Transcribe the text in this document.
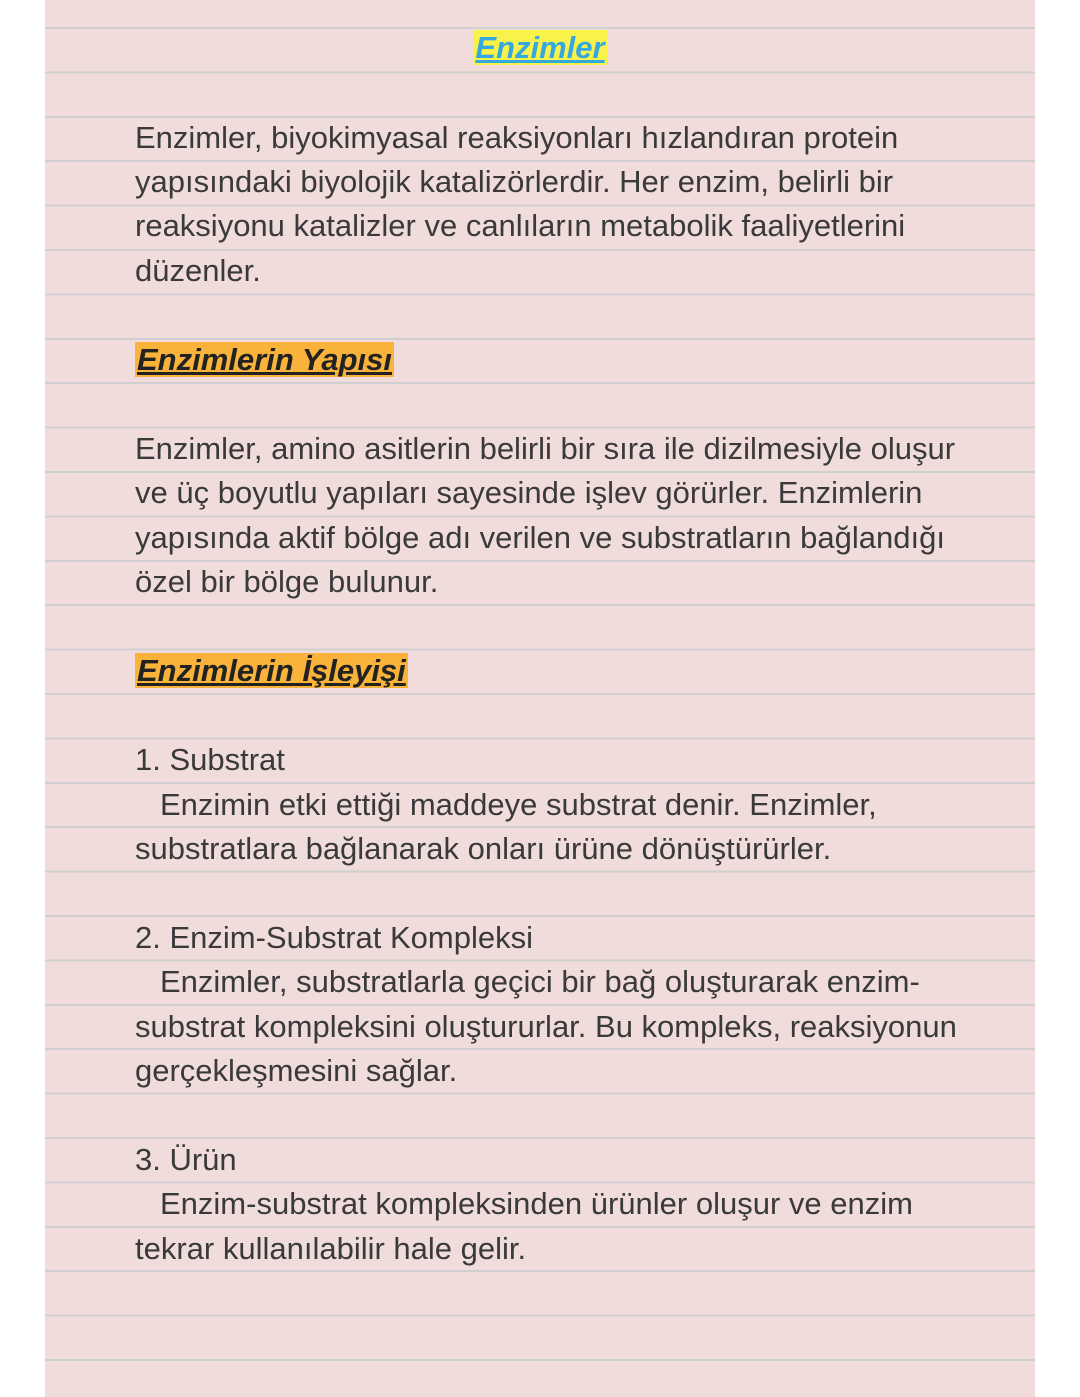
Enzimler

Enzimler, biyokimyasal reaksiyonları hızlandıran protein

yapısındaki biyolojik katalizörlerdir. Her enzim, belirli bir

reaksiyonu katalizler ve canlıların metabolik faaliyetlerini

düzenler.

Enzimlerin Yapısı

Enzimler, amino asitlerin belirli bir sıra ile dizilmesiyle oluşur

ve üç boyutlu yapıları sayesinde işlev görürler. Enzimlerin

yapısında aktif bölge adı verilen ve substratların bağlandığı

özel bir bölge bulunur.

Enzimlerin İşleyişi

1. Substrat

Enzimin etki ettiği maddeye substrat denir. Enzimler,

substratlara bağlanarak onları ürüne dönüştürürler.

2. Enzim-Substrat Kompleksi

Enzimler, substratlarla geçici bir bağ oluşturarak enzim-

substrat kompleksini oluştururlar. Bu kompleks, reaksiyonun

gerçekleşmesini sağlar.

3. Ürün

Enzim-substrat kompleksinden ürünler oluşur ve enzim

tekrar kullanılabilir hale gelir.
